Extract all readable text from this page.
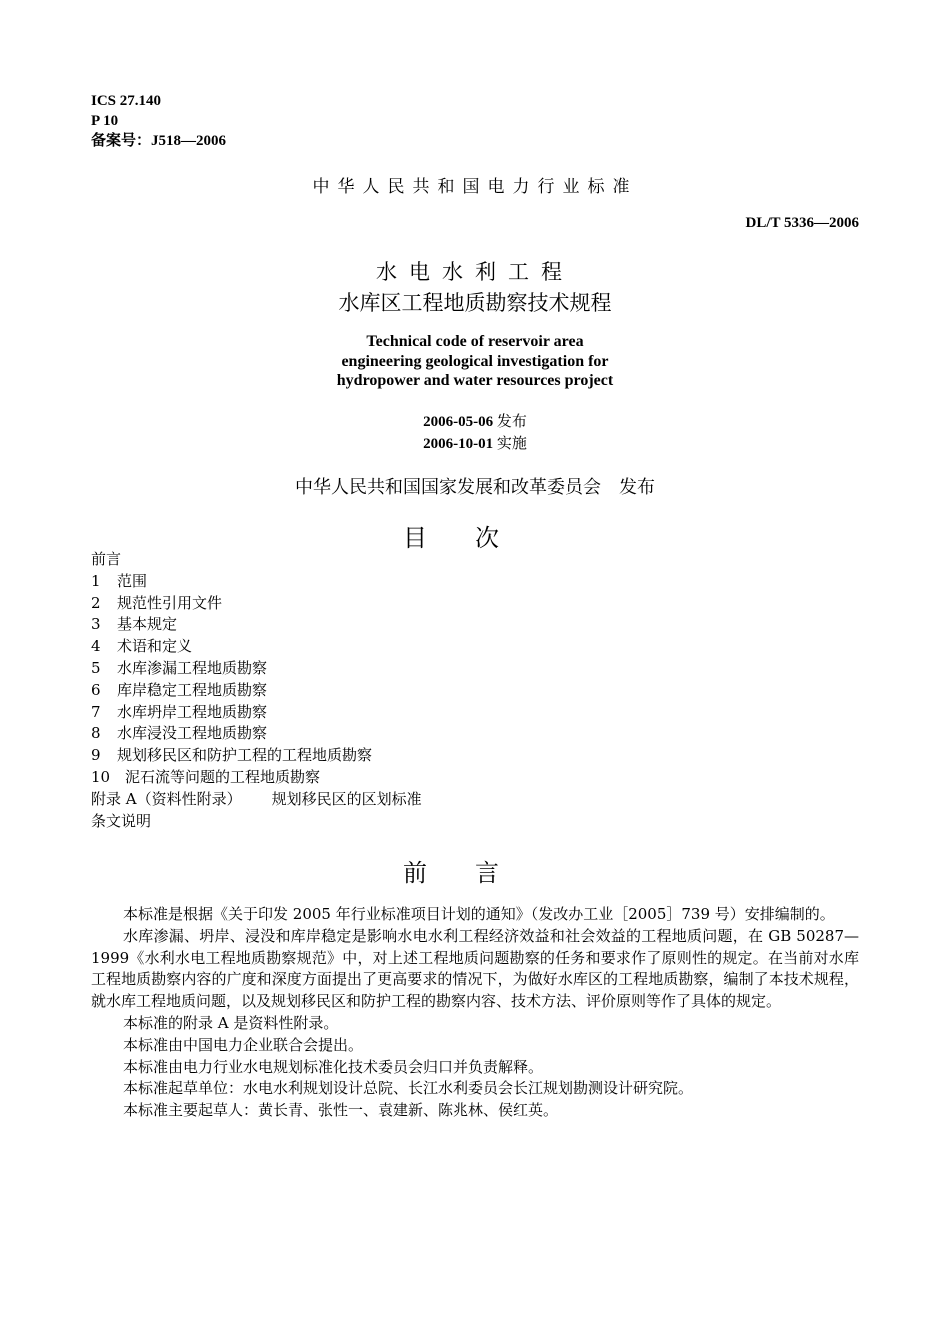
ICS 27.140
P 10
备案号：J518—2006
中华人民共和国电力行业标准
DL/T 5336—2006
水电水利工程
水库区工程地质勘察技术规程
Technical code of reservoir area
engineering geological investigation for
hydropower and water resources project
2006-05-06 发布
2006-10-01 实施
中华人民共和国国家发展和改革委员会　发布
目次
前言
1 范围
2 规范性引用文件
3 基本规定
4 术语和定义
5 水库渗漏工程地质勘察
6 库岸稳定工程地质勘察
7 水库坍岸工程地质勘察
8 水库浸没工程地质勘察
9 规划移民区和防护工程的工程地质勘察
10 泥石流等问题的工程地质勘察
附录 A（资料性附录） 规划移民区的区划标准
条文说明
前言

本标准是根据《关于印发 2005 年行业标准项目计划的通知》（发改办工业［2005］739 号）安排编制的。

水库渗漏、坍岸、浸没和库岸稳定是影响水电水利工程经济效益和社会效益的工程地质问题，在 GB 50287—1999《水利水电工程地质勘察规范》中，对上述工程地质问题勘察的任务和要求作了原则性的规定。在当前对水库工程地质勘察内容的广度和深度方面提出了更高要求的情况下，为做好水库区的工程地质勘察，编制了本技术规程，就水库工程地质问题，以及规划移民区和防护工程的勘察内容、技术方法、评价原则等作了具体的规定。

本标准的附录 A 是资料性附录。

本标准由中国电力企业联合会提出。

本标准由电力行业水电规划标准化技术委员会归口并负责解释。

本标准起草单位：水电水利规划设计总院、长江水利委员会长江规划勘测设计研究院。

本标准主要起草人：黄长青、张性一、袁建新、陈兆林、侯红英。
